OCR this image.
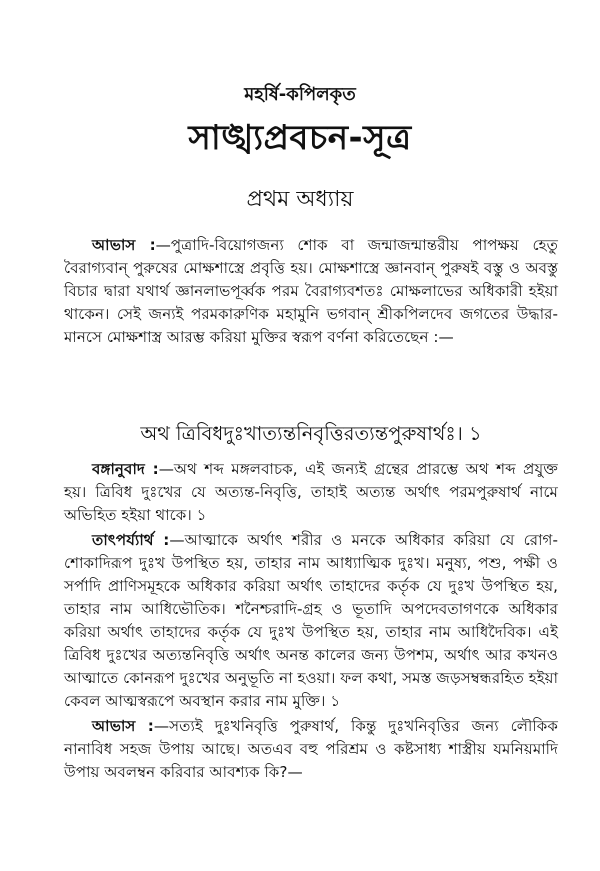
মহর্ষি-কপিলকৃত
সাঙ্খ্যপ্রবচন-সূত্র
প্রথম অধ্যায়

আভাস :—পুত্রাদি-বিয়োগজন্য শোক বা জন্মাজন্মান্তরীয় পাপক্ষয় হেতু বৈরাগ্যবান্ পুরুষের মোক্ষশাস্ত্রে প্রবৃত্তি হয়। মোক্ষশাস্ত্রে জ্ঞানবান্ পুরুষই বস্তু ও অবস্তু বিচার দ্বারা যথার্থ জ্ঞানলাভপূর্ব্বক পরম বৈরাগ্যবশতঃ মোক্ষলাভের অধিকারী হইয়া থাকেন। সেই জন্যই পরমকারুণিক মহামুনি ভগবান্ শ্রীকপিলদেব জগতের উদ্ধার-মানসে মোক্ষশাস্ত্র আরম্ভ করিয়া মুক্তির স্বরূপ বর্ণনা করিতেছেন :—

অথ ত্রিবিধদুঃখাত্যন্তনিবৃত্তিরত্যন্তপুরুষার্থঃ। ১

বঙ্গানুবাদ :—অথ শব্দ মঙ্গলবাচক, এই জন্যই গ্রন্থের প্রারম্ভে অথ শব্দ প্রযুক্ত হয়। ত্রিবিধ দুঃখের যে অত্যন্ত-নিবৃত্তি, তাহাই অত্যন্ত অর্থাৎ পরমপুরুষার্থ নামে অভিহিত হইয়া থাকে। ১

তাৎপর্য্যার্থ :—আত্মাকে অর্থাৎ শরীর ও মনকে অধিকার করিয়া যে রোগ-শোকাদিরূপ দুঃখ উপস্থিত হয়, তাহার নাম আধ্যাত্মিক দুঃখ। মনুষ্য, পশু, পক্ষী ও সর্পাদি প্রাণিসমূহকে অধিকার করিয়া অর্থাৎ তাহাদের কর্তৃক যে দুঃখ উপস্থিত হয়, তাহার নাম আধিভৌতিক। শনৈশ্চরাদি-গ্রহ ও ভূতাদি অপদেবতাগণকে অধিকার করিয়া অর্থাৎ তাহাদের কর্তৃক যে দুঃখ উপস্থিত হয়, তাহার নাম আধিদৈবিক। এই ত্রিবিধ দুঃখের অত্যন্তনিবৃত্তি অর্থাৎ অনন্ত কালের জন্য উপশম, অর্থাৎ আর কখনও আত্মাতে কোনরূপ দুঃখের অনুভূতি না হওয়া। ফল কথা, সমস্ত জড়সম্বন্ধরহিত হইয়া কেবল আত্মস্বরূপে অবস্থান করার নাম মুক্তি। ১

আভাস :—সত্যই দুঃখনিবৃত্তি পুরুষার্থ, কিন্তু দুঃখনিবৃত্তির জন্য লৌকিক নানাবিধ সহজ উপায় আছে। অতএব বহু পরিশ্রম ও কষ্টসাধ্য শাস্ত্রীয় যমনিয়মাদি উপায় অবলম্বন করিবার আবশ্যক কি?—
